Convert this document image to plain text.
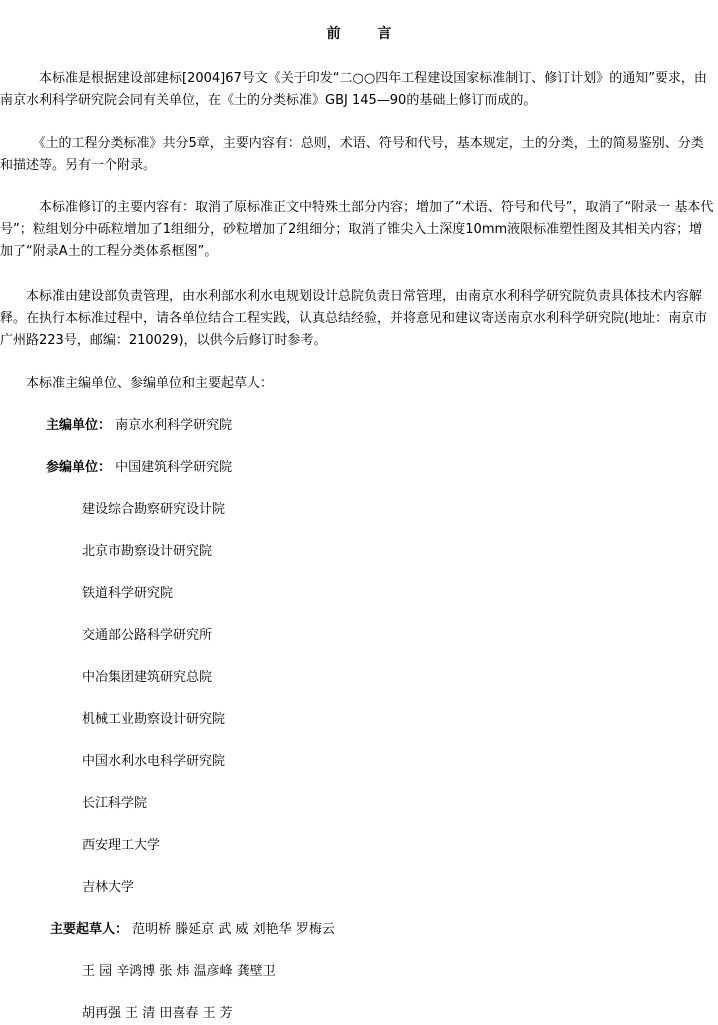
前 言

　　　本标准是根据建设部建标[2004]67号文《关于印发“二○○四年工程建设国家标准制订、修订计划》的通知”要求，由南京水利科学研究院会同有关单位，在《土的分类标准》GBJ 145—90的基础上修订而成的。

　　　《土的工程分类标准》共分5章，主要内容有：总则，术语、符号和代号，基本规定，土的分类，土的简易鉴别、分类和描述等。另有一个附录。

　　　本标准修订的主要内容有：取消了原标准正文中特殊土部分内容；增加了“术语、符号和代号”，取消了“附录一 基本代号”；粒组划分中砾粒增加了1组细分，砂粒增加了2组细分；取消了锥尖入土深度10mm液限标准塑性图及其相关内容；增加了“附录A土的工程分类体系框图”。

　　本标准由建设部负责管理，由水利部水利水电规划设计总院负责日常管理，由南京水利科学研究院负责具体技术内容解释。在执行本标准过程中，请各单位结合工程实践，认真总结经验，并将意见和建议寄送南京水利科学研究院(地址：南京市广州路223号，邮编：210029)，以供今后修订时参考。

　　本标准主编单位、参编单位和主要起草人：

主编单位： 南京水利科学研究院
参编单位： 中国建筑科学研究院
建设综合勘察研究设计院
北京市勘察设计研究院
铁道科学研究院
交通部公路科学研究所
中冶集团建筑研究总院
机械工业勘察设计研究院
中国水利水电科学研究院
长江科学院
西安理工大学
吉林大学
主要起草人： 范明桥 滕延京 武 威 刘艳华 罗梅云
王 园 辛鸿博 张 炜 温彦峰 龚壁卫
胡再强 王 清 田喜春 王 芳
